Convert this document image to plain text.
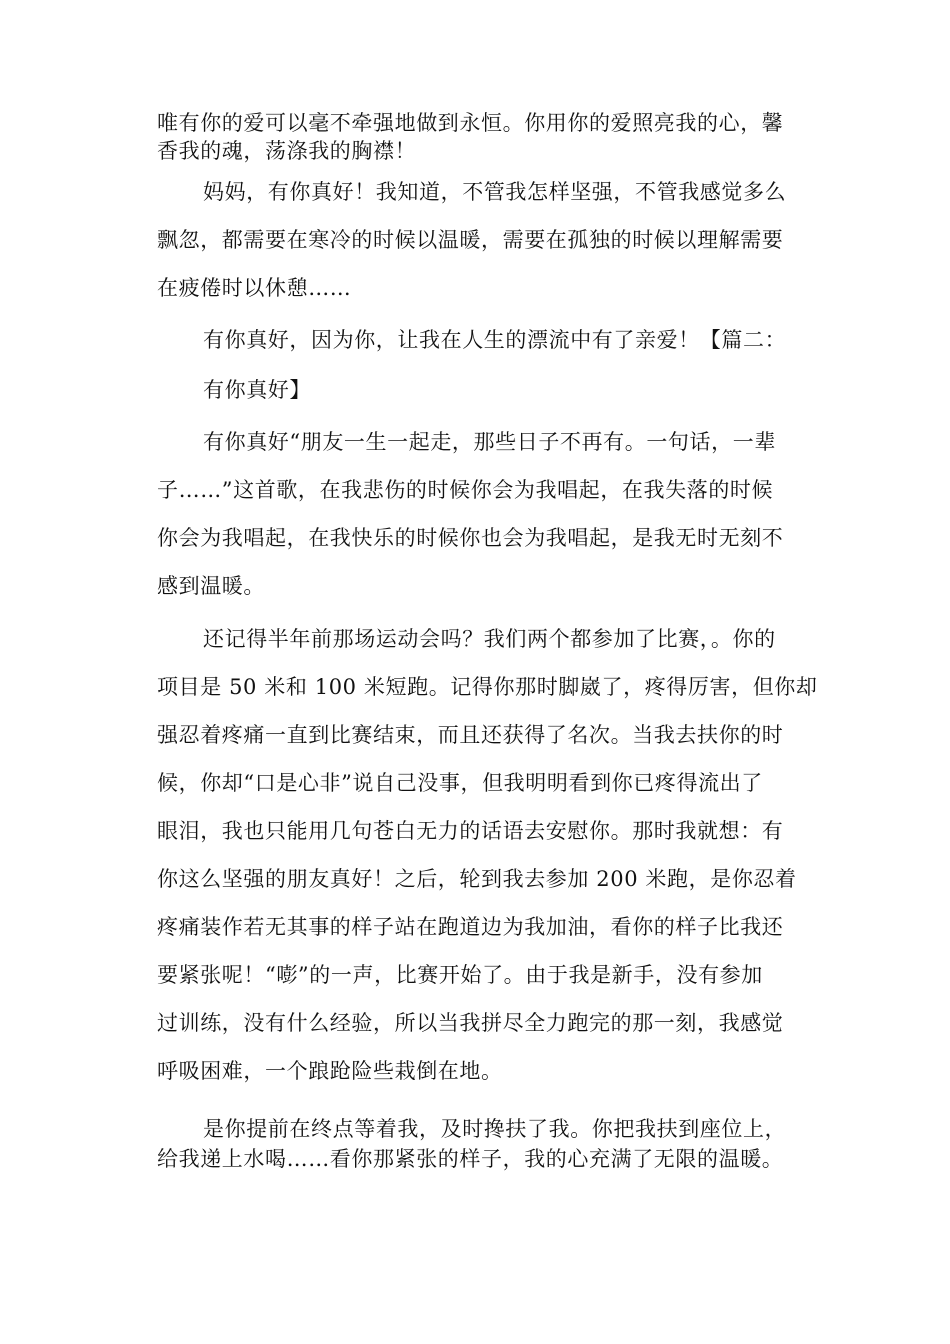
唯有你的爱可以毫不牵强地做到永恒。你用你的爱照亮我的心，馨
香我的魂，荡涤我的胸襟！
妈妈，有你真好！我知道，不管我怎样坚强，不管我感觉多么
飘忽，都需要在寒冷的时候以温暖，需要在孤独的时候以理解需要
在疲倦时以休憩……
有你真好，因为你，让我在人生的漂流中有了亲爱！【篇二：
有你真好】
有你真好“朋友一生一起走，那些日子不再有。一句话，一辈
子……”这首歌，在我悲伤的时候你会为我唱起，在我失落的时候
你会为我唱起，在我快乐的时候你也会为我唱起，是我无时无刻不
感到温暖。
还记得半年前那场运动会吗？我们两个都参加了比赛，。你的
项目是 50 米和 100 米短跑。记得你那时脚崴了，疼得厉害，但你却
强忍着疼痛一直到比赛结束，而且还获得了名次。当我去扶你的时
候，你却“口是心非”说自己没事，但我明明看到你已疼得流出了
眼泪，我也只能用几句苍白无力的话语去安慰你。那时我就想：有
你这么坚强的朋友真好！之后，轮到我去参加 200 米跑，是你忍着
疼痛装作若无其事的样子站在跑道边为我加油，看你的样子比我还
要紧张呢！“嘭”的一声，比赛开始了。由于我是新手，没有参加
过训练，没有什么经验，所以当我拼尽全力跑完的那一刻，我感觉
呼吸困难，一个踉跄险些栽倒在地。
是你提前在终点等着我，及时搀扶了我。你把我扶到座位上，
给我递上水喝……看你那紧张的样子，我的心充满了无限的温暖。
